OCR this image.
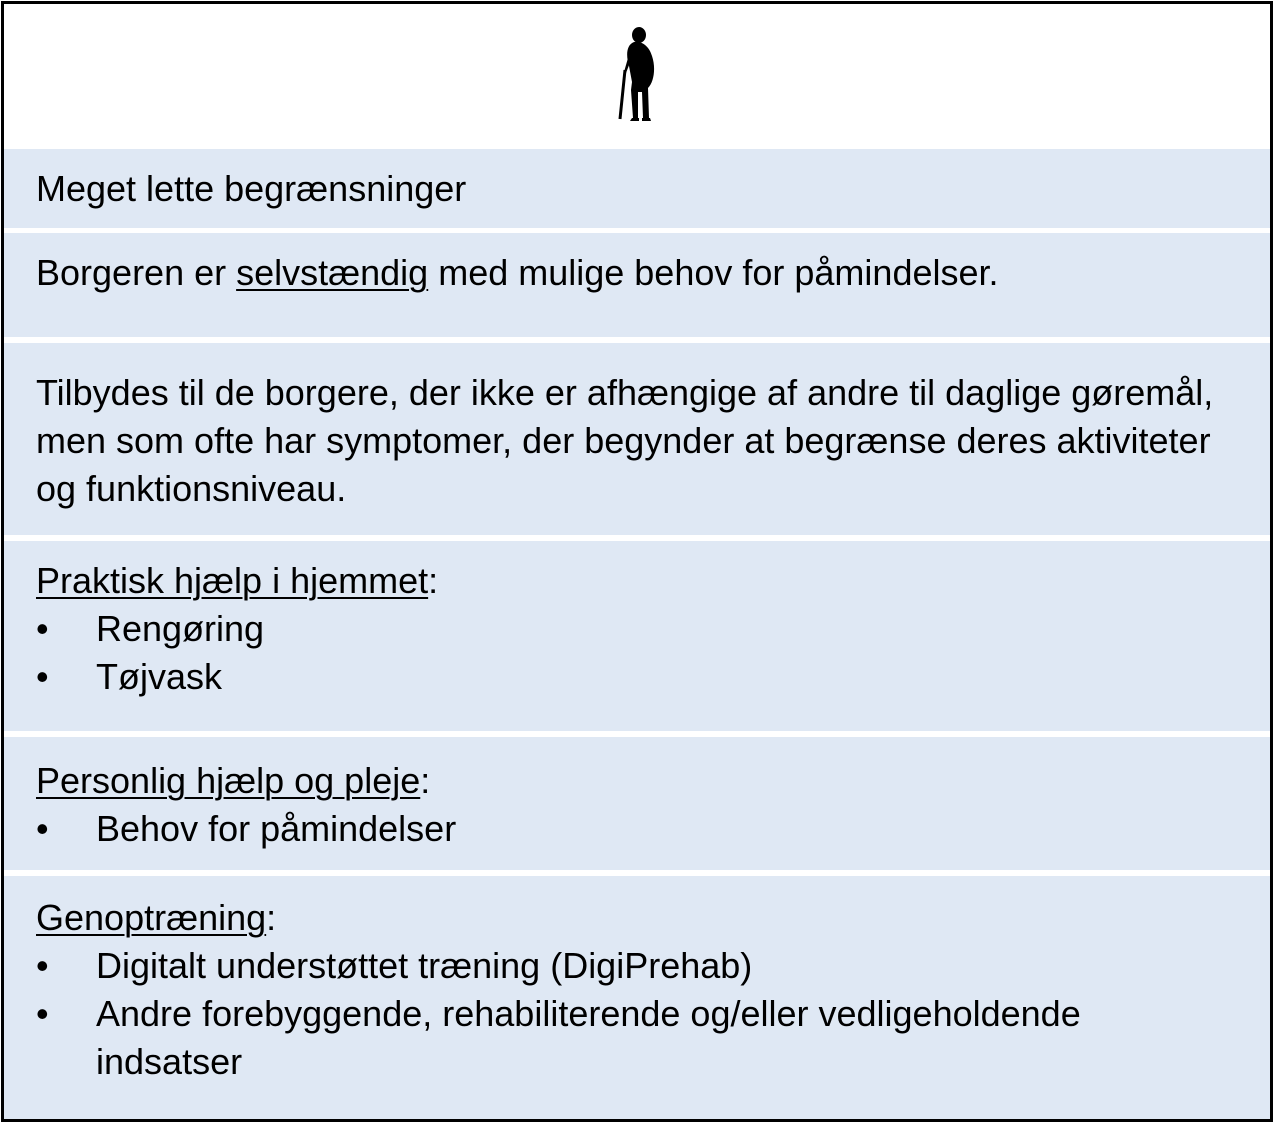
Meget lette begrænsninger
Borgeren er selvstændig med mulige behov for påmindelser.
Tilbydes til de borgere, der ikke er afhængige af andre til daglige gøremål, men som ofte har symptomer, der begynder at begrænse deres aktiviteter og funktionsniveau.
Praktisk hjælp i hjemmet:
• Rengøring
• Tøjvask
Personlig hjælp og pleje:
• Behov for påmindelser
Genoptræning:
• Digitalt understøttet træning (DigiPrehab)
• Andre forebyggende, rehabiliterende og/eller vedligeholdende indsatser
